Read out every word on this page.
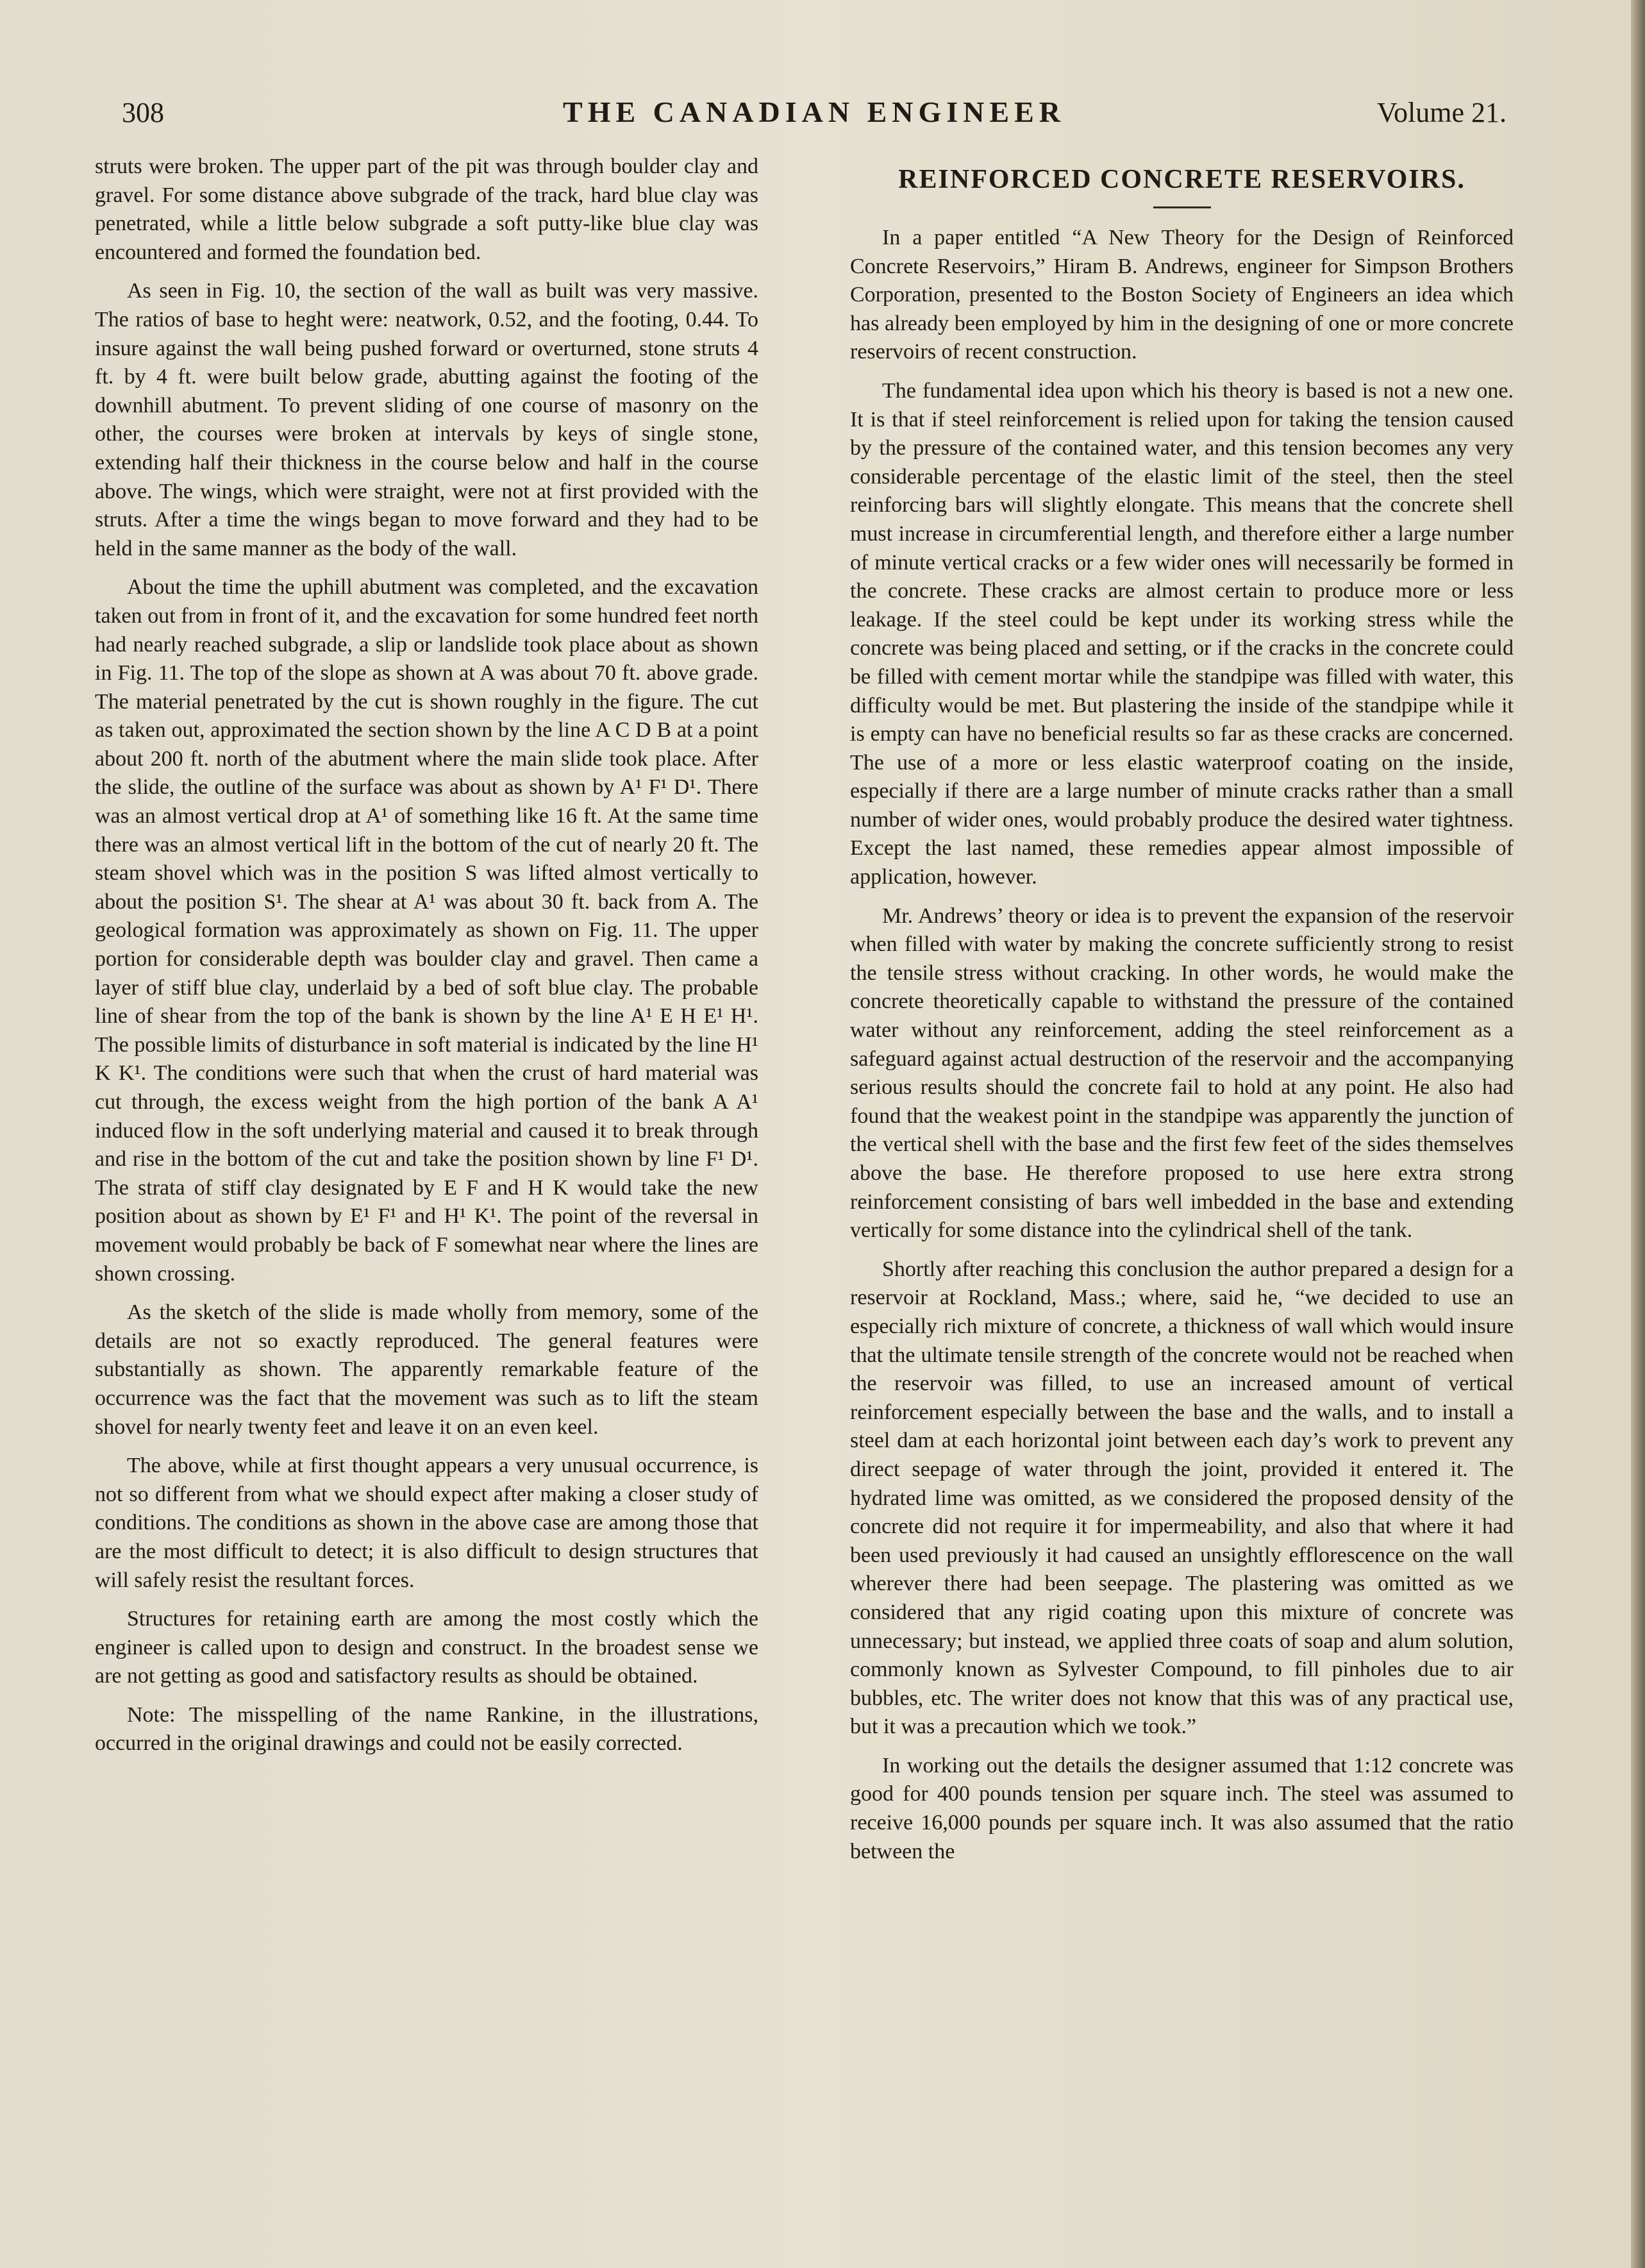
308	THE CANADIAN ENGINEER	Volume 21.

struts were broken. The upper part of the pit was through boulder clay and gravel. For some distance above subgrade of the track, hard blue clay was penetrated, while a little below subgrade a soft putty-like blue clay was encountered and formed the foundation bed.

As seen in Fig. 10, the section of the wall as built was very massive. The ratios of base to heght were: neatwork, 0.52, and the footing, 0.44. To insure against the wall being pushed forward or overturned, stone struts 4 ft. by 4 ft. were built below grade, abutting against the footing of the downhill abutment. To prevent sliding of one course of masonry on the other, the courses were broken at intervals by keys of single stone, extending half their thickness in the course below and half in the course above. The wings, which were straight, were not at first provided with the struts. After a time the wings began to move forward and they had to be held in the same manner as the body of the wall.

About the time the uphill abutment was completed, and the excavation taken out from in front of it, and the excavation for some hundred feet north had nearly reached subgrade, a slip or landslide took place about as shown in Fig. 11. The top of the slope as shown at A was about 70 ft. above grade. The material penetrated by the cut is shown roughly in the figure. The cut as taken out, approximated the section shown by the line A C D B at a point about 200 ft. north of the abutment where the main slide took place. After the slide, the outline of the surface was about as shown by A¹ F¹ D¹. There was an almost vertical drop at A¹ of something like 16 ft. At the same time there was an almost vertical lift in the bottom of the cut of nearly 20 ft. The steam shovel which was in the position S was lifted almost vertically to about the position S¹. The shear at A¹ was about 30 ft. back from A. The geological formation was approximately as shown on Fig. 11. The upper portion for considerable depth was boulder clay and gravel. Then came a layer of stiff blue clay, underlaid by a bed of soft blue clay. The probable line of shear from the top of the bank is shown by the line A¹ E H E¹ H¹. The possible limits of disturbance in soft material is indicated by the line H¹ K K¹. The conditions were such that when the crust of hard material was cut through, the excess weight from the high portion of the bank A A¹ induced flow in the soft underlying material and caused it to break through and rise in the bottom of the cut and take the position shown by line F¹ D¹. The strata of stiff clay designated by E F and H K would take the new position about as shown by E¹ F¹ and H¹ K¹. The point of the reversal in movement would probably be back of F somewhat near where the lines are shown crossing.

As the sketch of the slide is made wholly from memory, some of the details are not so exactly reproduced. The general features were substantially as shown. The apparently remarkable feature of the occurrence was the fact that the movement was such as to lift the steam shovel for nearly twenty feet and leave it on an even keel.

The above, while at first thought appears a very unusual occurrence, is not so different from what we should expect after making a closer study of conditions. The conditions as shown in the above case are among those that are the most difficult to detect; it is also difficult to design structures that will safely resist the resultant forces.

Structures for retaining earth are among the most costly which the engineer is called upon to design and construct. In the broadest sense we are not getting as good and satisfactory results as should be obtained.

Note: The misspelling of the name Rankine, in the illustrations, occurred in the original drawings and could not be easily corrected.

REINFORCED CONCRETE RESERVOIRS.

In a paper entitled “A New Theory for the Design of Reinforced Concrete Reservoirs,” Hiram B. Andrews, engineer for Simpson Brothers Corporation, presented to the Boston Society of Engineers an idea which has already been employed by him in the designing of one or more concrete reservoirs of recent construction.

The fundamental idea upon which his theory is based is not a new one. It is that if steel reinforcement is relied upon for taking the tension caused by the pressure of the contained water, and this tension becomes any very considerable percentage of the elastic limit of the steel, then the steel reinforcing bars will slightly elongate. This means that the concrete shell must increase in circumferential length, and therefore either a large number of minute vertical cracks or a few wider ones will necessarily be formed in the concrete. These cracks are almost certain to produce more or less leakage. If the steel could be kept under its working stress while the concrete was being placed and setting, or if the cracks in the concrete could be filled with cement mortar while the standpipe was filled with water, this difficulty would be met. But plastering the inside of the standpipe while it is empty can have no beneficial results so far as these cracks are concerned. The use of a more or less elastic waterproof coating on the inside, especially if there are a large number of minute cracks rather than a small number of wider ones, would probably produce the desired water tightness. Except the last named, these remedies appear almost impossible of application, however.

Mr. Andrews’ theory or idea is to prevent the expansion of the reservoir when filled with water by making the concrete sufficiently strong to resist the tensile stress without cracking. In other words, he would make the concrete theoretically capable to withstand the pressure of the contained water without any reinforcement, adding the steel reinforcement as a safeguard against actual destruction of the reservoir and the accompanying serious results should the concrete fail to hold at any point. He also had found that the weakest point in the standpipe was apparently the junction of the vertical shell with the base and the first few feet of the sides themselves above the base. He therefore proposed to use here extra strong reinforcement consisting of bars well imbedded in the base and extending vertically for some distance into the cylindrical shell of the tank.

Shortly after reaching this conclusion the author prepared a design for a reservoir at Rockland, Mass.; where, said he, “we decided to use an especially rich mixture of concrete, a thickness of wall which would insure that the ultimate tensile strength of the concrete would not be reached when the reservoir was filled, to use an increased amount of vertical reinforcement especially between the base and the walls, and to install a steel dam at each horizontal joint between each day’s work to prevent any direct seepage of water through the joint, provided it entered it. The hydrated lime was omitted, as we considered the proposed density of the concrete did not require it for impermeability, and also that where it had been used previously it had caused an unsightly efflorescence on the wall wherever there had been seepage. The plastering was omitted as we considered that any rigid coating upon this mixture of concrete was unnecessary; but instead, we applied three coats of soap and alum solution, commonly known as Sylvester Compound, to fill pinholes due to air bubbles, etc. The writer does not know that this was of any practical use, but it was a precaution which we took.”

In working out the details the designer assumed that 1:12 concrete was good for 400 pounds tension per square inch. The steel was assumed to receive 16,000 pounds per square inch. It was also assumed that the ratio between the
